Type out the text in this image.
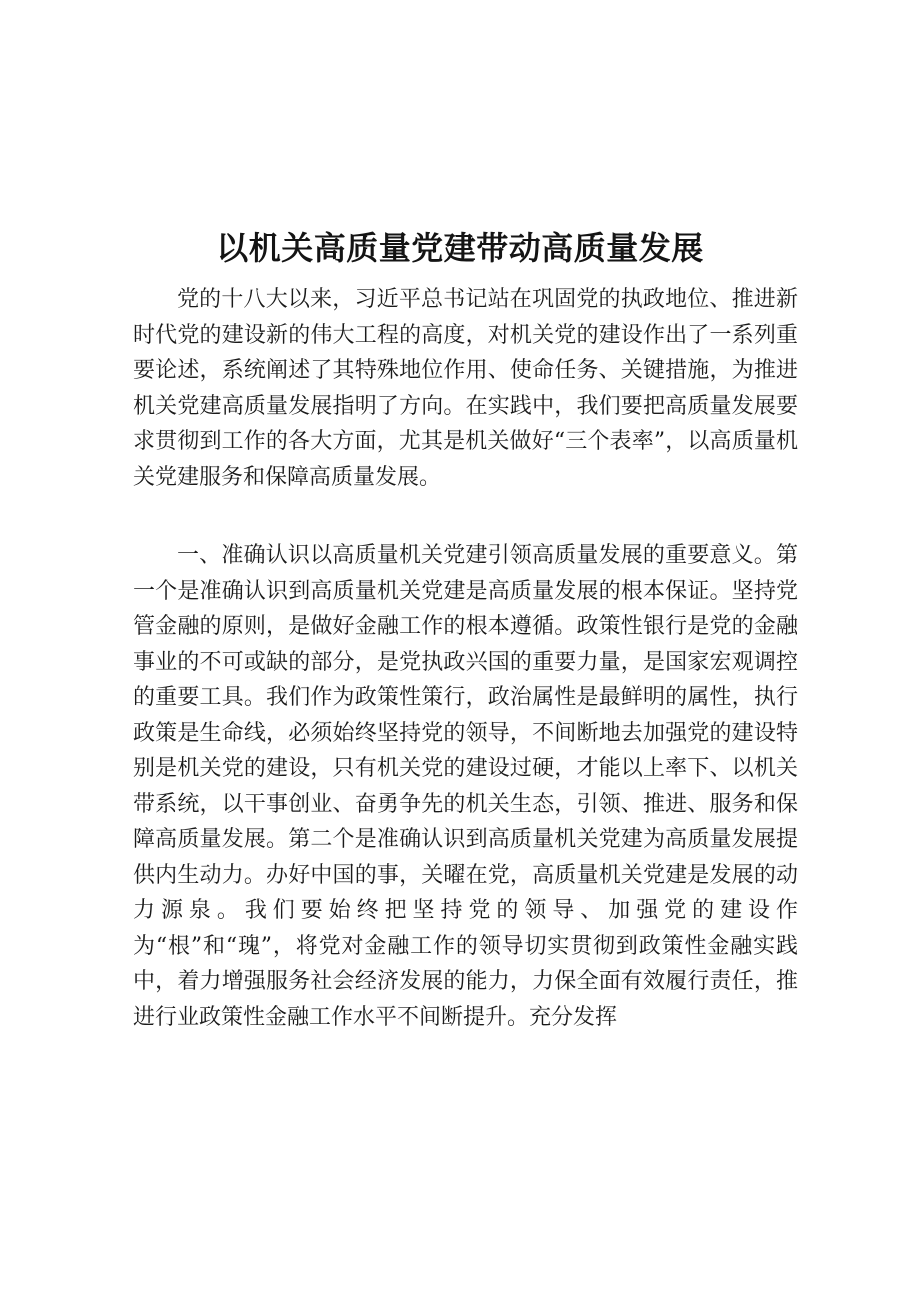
以机关高质量党建带动高质量发展

党的十八大以来，习近平总书记站在巩固党的执政地位、推进新时代党的建设新的伟大工程的高度，对机关党的建设作出了一系列重要论述，系统阐述了其特殊地位作用、使命任务、关键措施，为推进机关党建高质量发展指明了方向。在实践中，我们要把高质量发展要求贯彻到工作的各大方面，尤其是机关做好“三个表率”，以高质量机关党建服务和保障高质量发展。

一、准确认识以高质量机关党建引领高质量发展的重要意义。第一个是准确认识到高质量机关党建是高质量发展的根本保证。坚持党管金融的原则，是做好金融工作的根本遵循。政策性银行是党的金融事业的不可或缺的部分，是党执政兴国的重要力量，是国家宏观调控的重要工具。我们作为政策性策行，政治属性是最鲜明的属性，执行政策是生命线，必须始终坚持党的领导，不间断地去加强党的建设特别是机关党的建设，只有机关党的建设过硬，才能以上率下、以机关带系统，以干事创业、奋勇争先的机关生态，引领、推进、服务和保障高质量发展。第二个是准确认识到高质量机关党建为高质量发展提供内生动力。办好中国的事，关曜在党，高质量机关党建是发展的动力源泉。我们要始终把坚持党的领导、加强党的建设作为“根”和“瑰”，将党对金融工作的领导切实贯彻到政策性金融实践中，着力增强服务社会经济发展的能力，力保全面有效履行责任，推进行业政策性金融工作水平不间断提升。充分发挥
